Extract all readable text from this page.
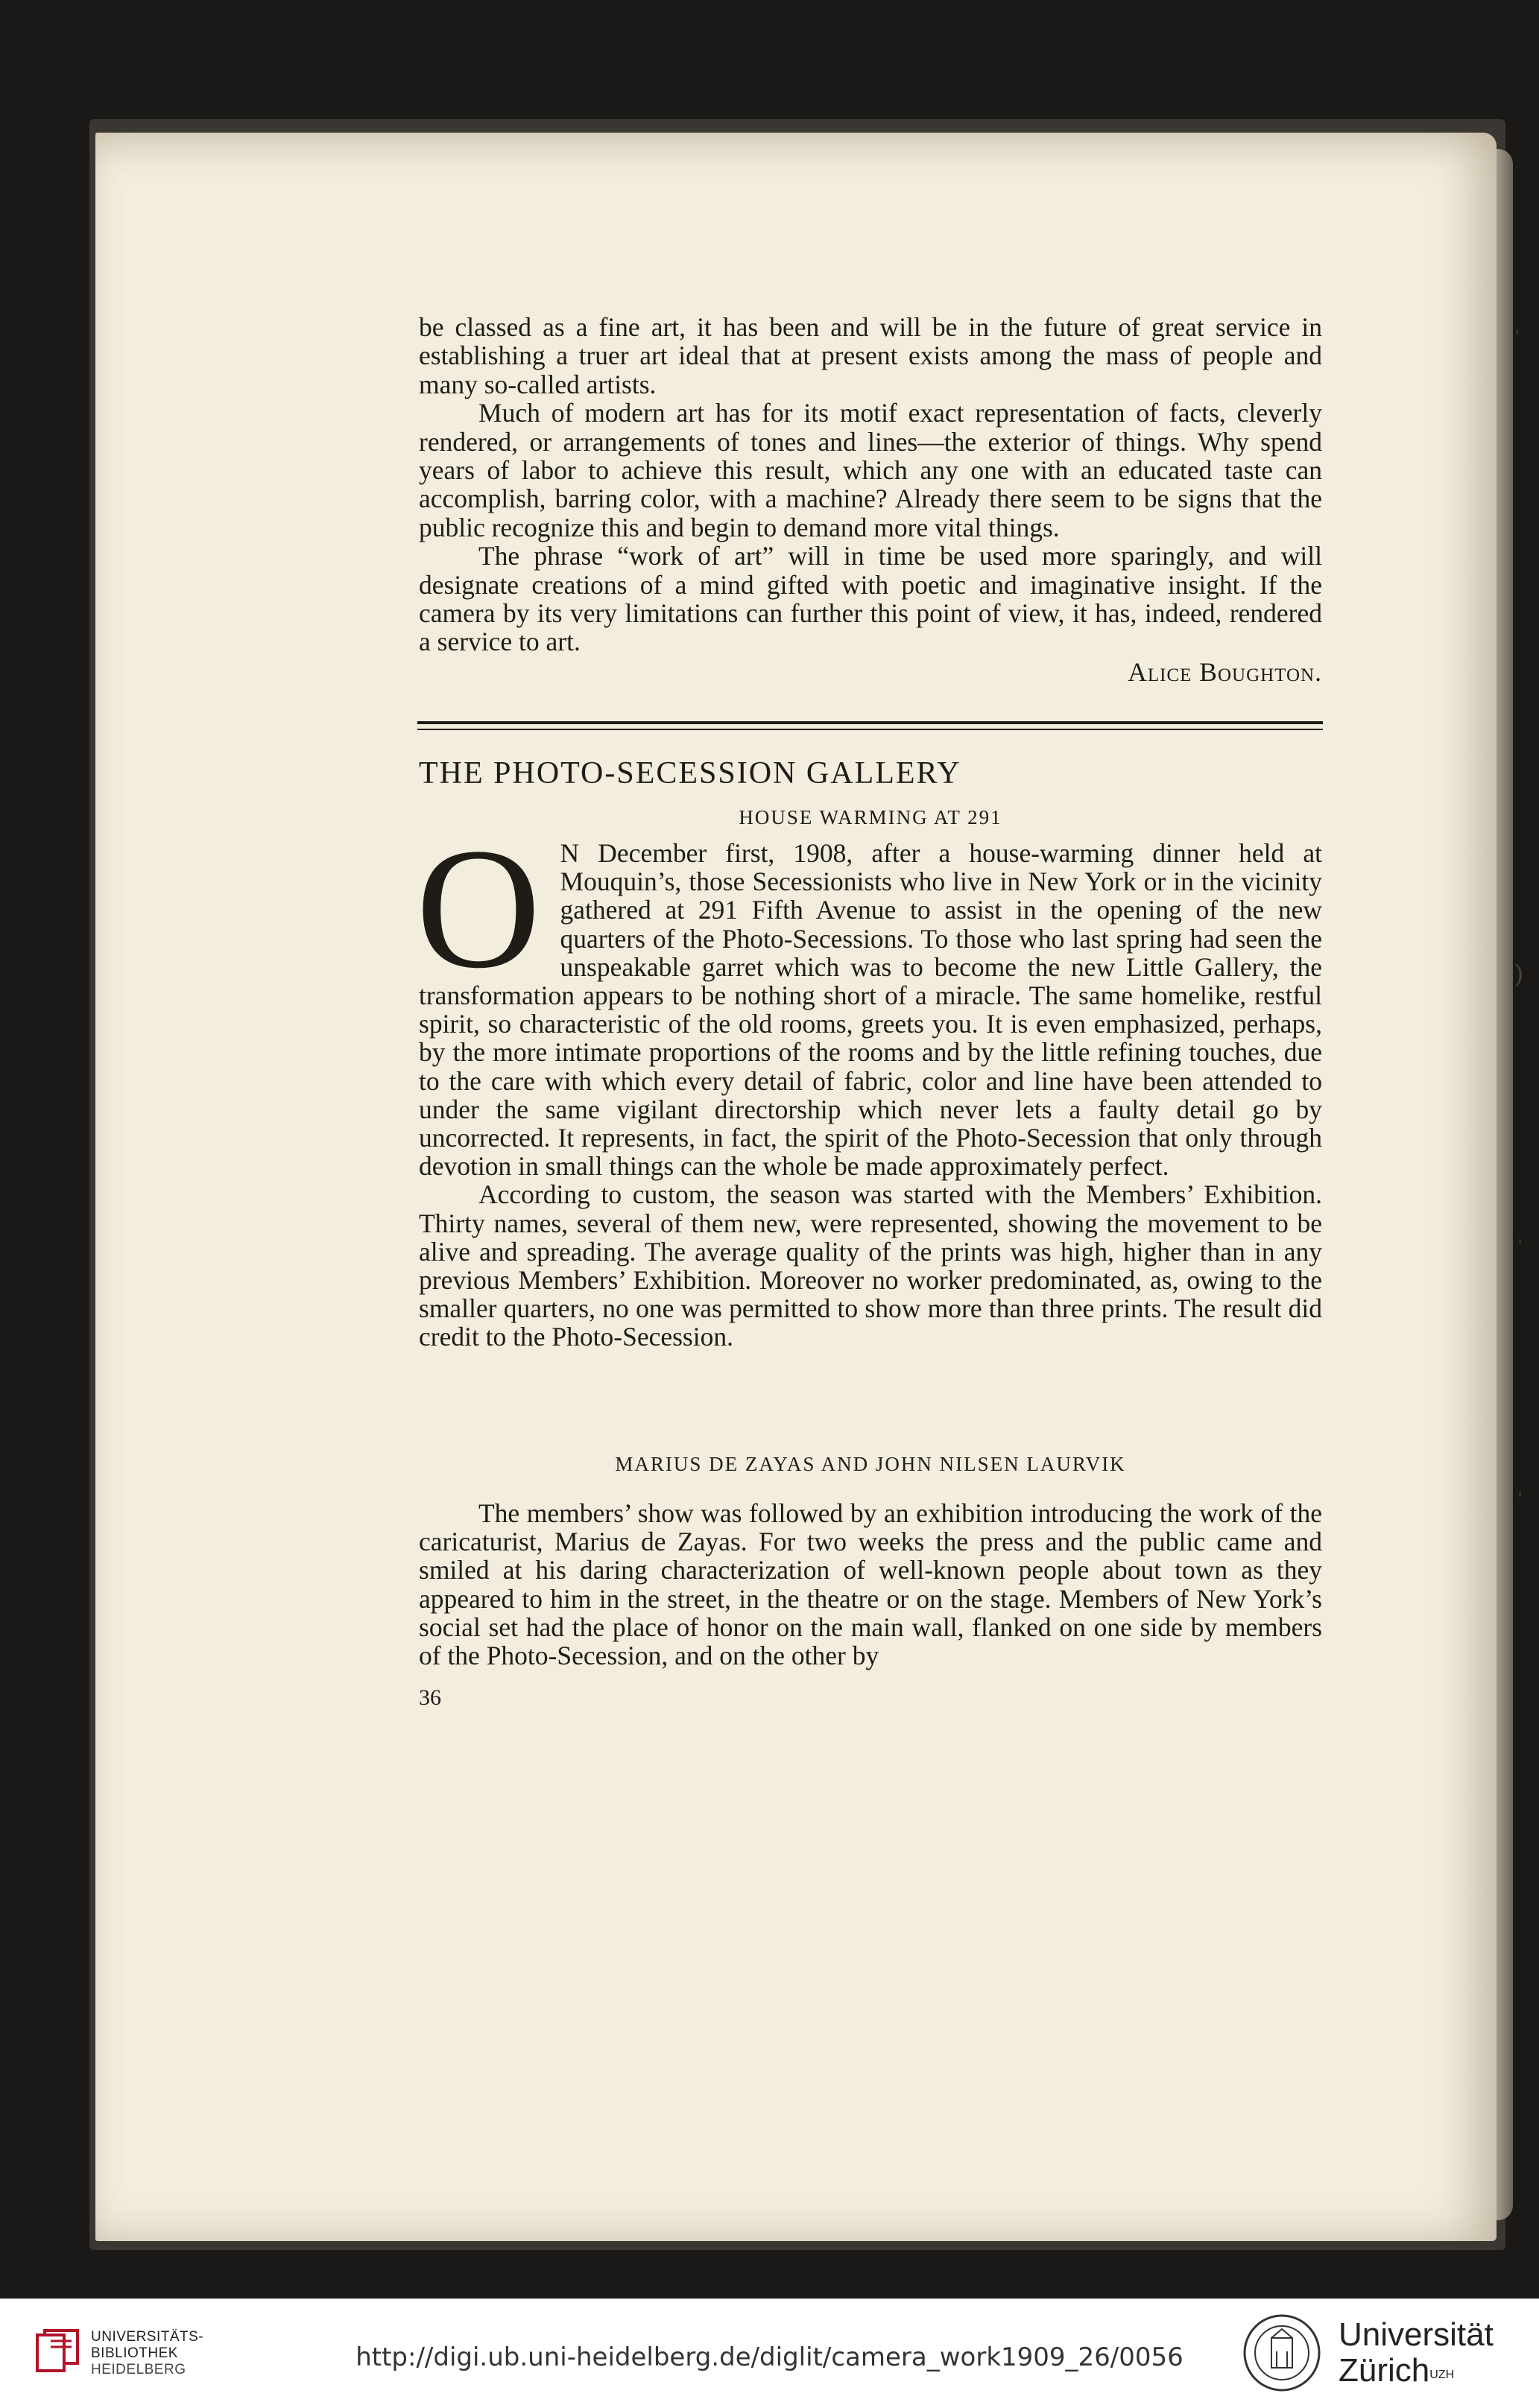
ˈ
)
ˈ
ˈ

be classed as a fine art, it has been and will be in the future of great service in establishing a truer art ideal that at present exists among the mass of people and many so-called artists.

Much of modern art has for its motif exact representation of facts, cleverly rendered, or arrangements of tones and lines—the exterior of things. Why spend years of labor to achieve this result, which any one with an educated taste can accomplish, barring color, with a machine? Already there seem to be signs that the public recognize this and begin to demand more vital things.

The phrase “work of art” will in time be used more sparingly, and will designate creations of a mind gifted with poetic and imaginative insight. If the camera by its very limitations can further this point of view, it has, indeed, rendered a service to art.

Alice Boughton.

THE PHOTO-SECESSION GALLERY
HOUSE WARMING AT 291
O N December first, 1908, after a house-warming dinner held at Mouquin’s, those Secessionists who live in New York or in the vicinity gathered at 291 Fifth Avenue to assist in the opening of the new quarters of the Photo-Secessions. To those who last spring had seen the unspeakable garret which was to become the new Little Gallery, the transformation appears to be nothing short of a miracle. The same homelike, restful spirit, so characteristic of the old rooms, greets you. It is even emphasized, perhaps, by the more intimate proportions of the rooms and by the little refining touches, due to the care with which every detail of fabric, color and line have been attended to under the same vigilant directorship which never lets a faulty detail go by uncorrected. It represents, in fact, the spirit of the Photo-Secession that only through devotion in small things can the whole be made approximately perfect.

According to custom, the season was started with the Members’ Exhibition. Thirty names, several of them new, were represented, showing the movement to be alive and spreading. The average quality of the prints was high, higher than in any previous Members’ Exhibition. Moreover no worker predominated, as, owing to the smaller quarters, no one was permitted to show more than three prints. The result did credit to the Photo-Secession.

MARIUS DE ZAYAS AND JOHN NILSEN LAURVIK

The members’ show was followed by an exhibition introducing the work of the caricaturist, Marius de Zayas. For two weeks the press and the public came and smiled at his daring characterization of well-known people about town as they appeared to him in the street, in the theatre or on the stage. Members of New York’s social set had the place of honor on the main wall, flanked on one side by members of the Photo-Secession, and on the other by

36
UNIVERSITÄTS-
BIBLIOTHEK
HEIDELBERG	http://digi.ub.uni-heidelberg.de/diglit/camera_work1909_26/0056
Universität
Zürich$^{UZH}$
